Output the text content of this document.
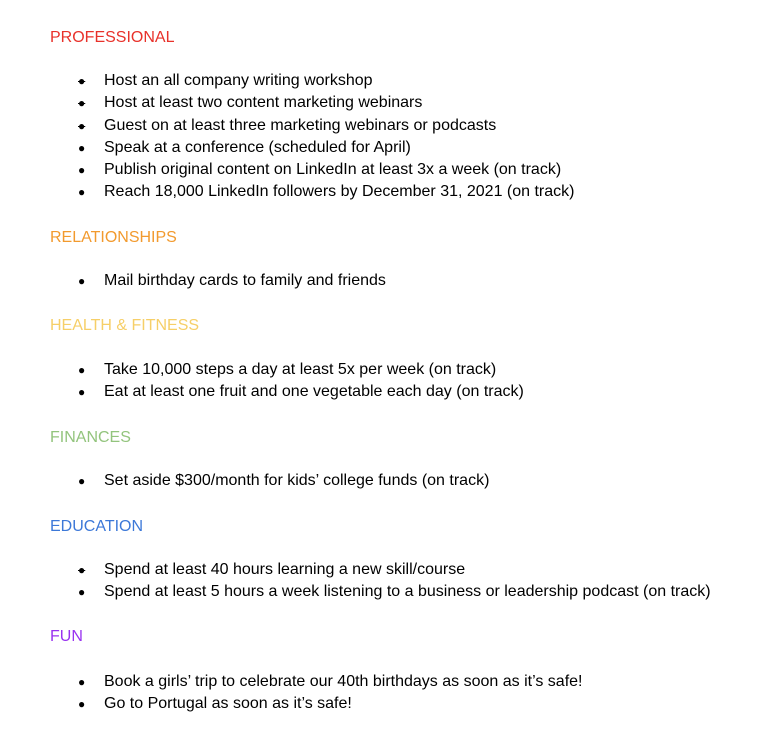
PROFESSIONAL
● Host an all company writing workshop
● Host at least two content marketing webinars
● Guest on at least three marketing webinars or podcasts
● Speak at a conference (scheduled for April)
● Publish original content on LinkedIn at least 3x a week (on track)
● Reach 18,000 LinkedIn followers by December 31, 2021 (on track)
RELATIONSHIPS
● Mail birthday cards to family and friends
HEALTH & FITNESS
● Take 10,000 steps a day at least 5x per week (on track)
● Eat at least one fruit and one vegetable each day (on track)
FINANCES
● Set aside $300/month for kids’ college funds (on track)
EDUCATION
● Spend at least 40 hours learning a new skill/course
● Spend at least 5 hours a week listening to a business or leadership podcast (on track)
FUN
● Book a girls’ trip to celebrate our 40th birthdays as soon as it’s safe!
● Go to Portugal as soon as it’s safe!
